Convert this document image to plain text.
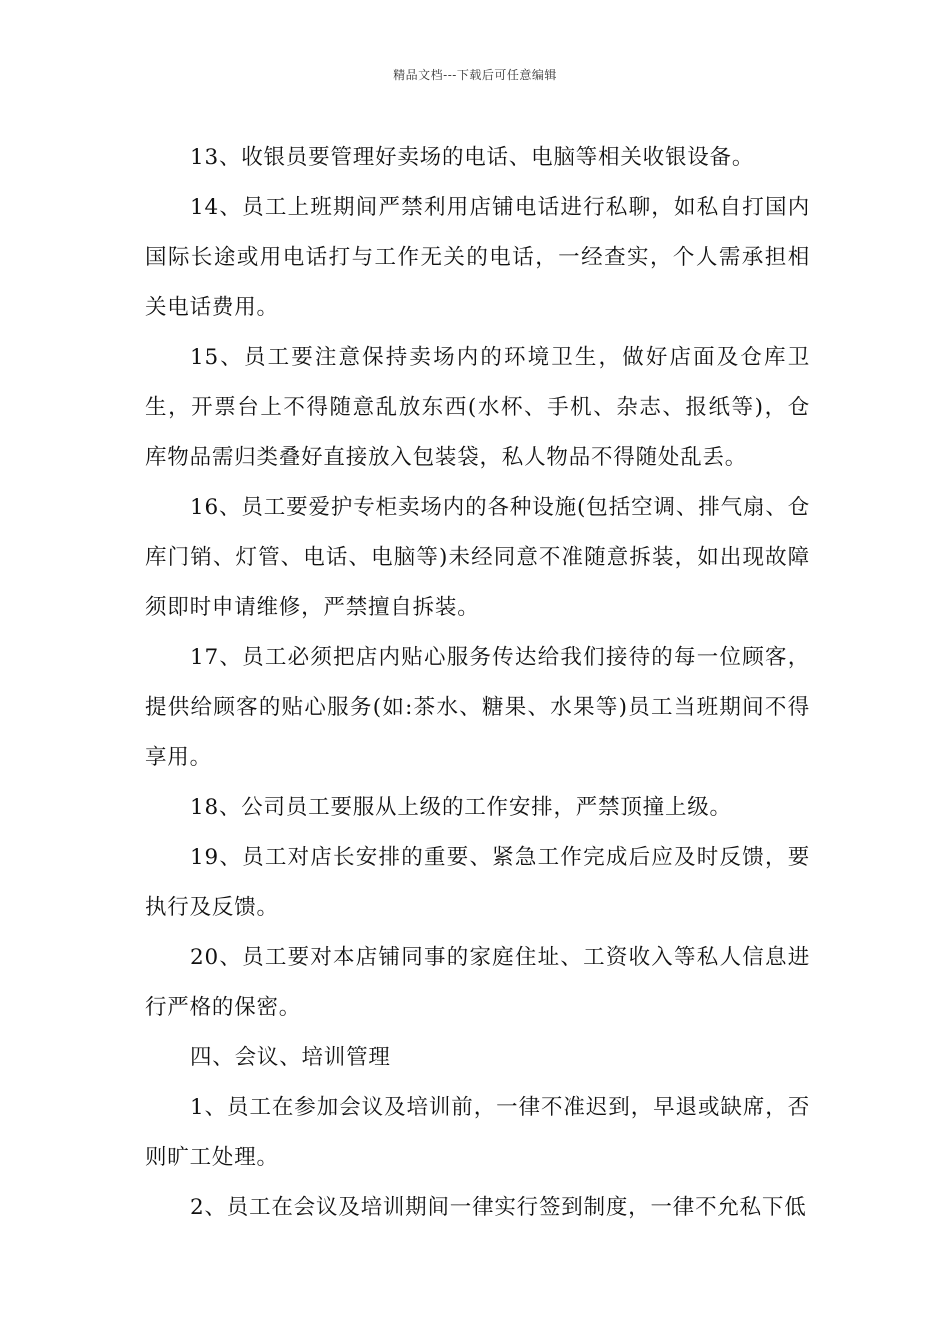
精品文档---下载后可任意编辑

13、收银员要管理好卖场的电话、电脑等相关收银设备。

14、员工上班期间严禁利用店铺电话进行私聊，如私自打国内国际长途或用电话打与工作无关的电话，一经查实，个人需承担相关电话费用。

15、员工要注意保持卖场内的环境卫生，做好店面及仓库卫生，开票台上不得随意乱放东西(水杯、手机、杂志、报纸等)，仓库物品需归类叠好直接放入包装袋，私人物品不得随处乱丢。

16、员工要爱护专柜卖场内的各种设施(包括空调、排气扇、仓库门销、灯管、电话、电脑等)未经同意不准随意拆装，如出现故障须即时申请维修，严禁擅自拆装。

17、员工必须把店内贴心服务传达给我们接待的每一位顾客，提供给顾客的贴心服务(如:茶水、糖果、水果等)员工当班期间不得享用。

18、公司员工要服从上级的工作安排，严禁顶撞上级。

19、员工对店长安排的重要、紧急工作完成后应及时反馈，要执行及反馈。

20、员工要对本店铺同事的家庭住址、工资收入等私人信息进行严格的保密。

四、会议、培训管理

1、员工在参加会议及培训前，一律不准迟到，早退或缺席，否则旷工处理。

2、员工在会议及培训期间一律实行签到制度，一律不允私下低
